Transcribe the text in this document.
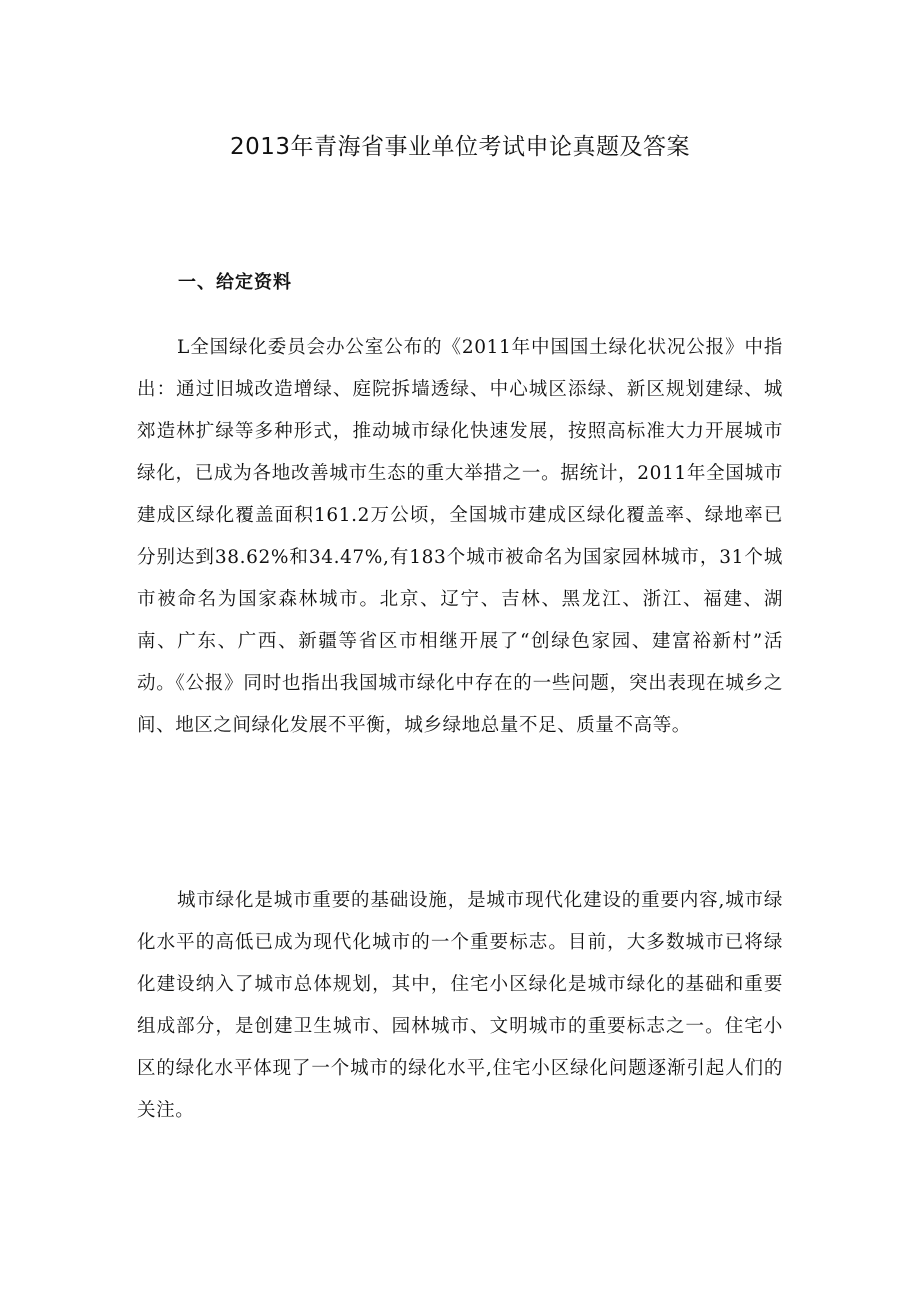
2013年青海省事业单位考试申论真题及答案
一、给定资料

L全国绿化委员会办公室公布的《2011年中国国土绿化状况公报》中指出：通过旧城改造增绿、庭院拆墙透绿、中心城区添绿、新区规划建绿、城郊造林扩绿等多种形式，推动城市绿化快速发展，按照高标准大力开展城市绿化，已成为各地改善城市生态的重大举措之一。据统计，2011年全国城市建成区绿化覆盖面积161.2万公顷，全国城市建成区绿化覆盖率、绿地率已分别达到38.62%和34.47%,有183个城市被命名为国家园林城市，31个城市被命名为国家森林城市。北京、辽宁、吉林、黑龙江、浙江、福建、湖南、广东、广西、新疆等省区市相继开展了“创绿色家园、建富裕新村”活动。《公报》同时也指出我国城市绿化中存在的一些问题，突出表现在城乡之间、地区之间绿化发展不平衡，城乡绿地总量不足、质量不高等。

城市绿化是城市重要的基础设施，是城市现代化建设的重要内容,城市绿化水平的高低已成为现代化城市的一个重要标志。目前，大多数城市已将绿化建设纳入了城市总体规划，其中，住宅小区绿化是城市绿化的基础和重要组成部分，是创建卫生城市、园林城市、文明城市的重要标志之一。住宅小区的绿化水平体现了一个城市的绿化水平,住宅小区绿化问题逐渐引起人们的关注。
